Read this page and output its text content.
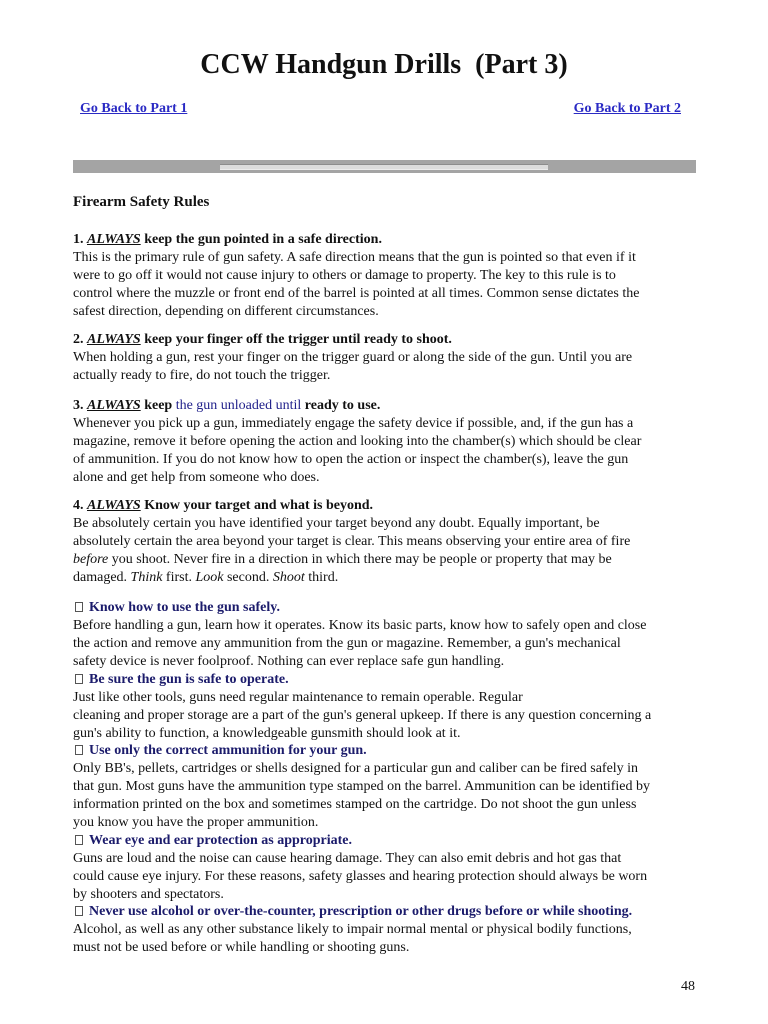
CCW Handgun Drills  (Part 3)
Go Back to Part 1	Go Back to Part 2
Firearm Safety Rules
1. ALWAYS keep the gun pointed in a safe direction.
This is the primary rule of gun safety. A safe direction means that the gun is pointed so that even if it
were to go off it would not cause injury to others or damage to property. The key to this rule is to
control where the muzzle or front end of the barrel is pointed at all times. Common sense dictates the
safest direction, depending on different circumstances.
2. ALWAYS keep your finger off the trigger until ready to shoot.
When holding a gun, rest your finger on the trigger guard or along the side of the gun. Until you are
actually ready to fire, do not touch the trigger.
3. ALWAYS keep the gun unloaded until ready to use.
Whenever you pick up a gun, immediately engage the safety device if possible, and, if the gun has a
magazine, remove it before opening the action and looking into the chamber(s) which should be clear
of ammunition. If you do not know how to open the action or inspect the chamber(s), leave the gun
alone and get help from someone who does.
4. ALWAYS Know your target and what is beyond.
Be absolutely certain you have identified your target beyond any doubt. Equally important, be
absolutely certain the area beyond your target is clear. This means observing your entire area of fire
before you shoot. Never fire in a direction in which there may be people or property that may be
damaged. Think first. Look second. Shoot third.
Know how to use the gun safely.
Before handling a gun, learn how it operates. Know its basic parts, know how to safely open and close
the action and remove any ammunition from the gun or magazine. Remember, a gun's mechanical
safety device is never foolproof. Nothing can ever replace safe gun handling.
Be sure the gun is safe to operate.
Just like other tools, guns need regular maintenance to remain operable. Regular
cleaning and proper storage are a part of the gun's general upkeep. If there is any question concerning a
gun's ability to function, a knowledgeable gunsmith should look at it.
Use only the correct ammunition for your gun.
Only BB's, pellets, cartridges or shells designed for a particular gun and caliber can be fired safely in
that gun. Most guns have the ammunition type stamped on the barrel. Ammunition can be identified by
information printed on the box and sometimes stamped on the cartridge. Do not shoot the gun unless
you know you have the proper ammunition.
Wear eye and ear protection as appropriate.
Guns are loud and the noise can cause hearing damage. They can also emit debris and hot gas that
could cause eye injury. For these reasons, safety glasses and hearing protection should always be worn
by shooters and spectators.
Never use alcohol or over-the-counter, prescription or other drugs before or while shooting.
Alcohol, as well as any other substance likely to impair normal mental or physical bodily functions,
must not be used before or while handling or shooting guns.
48
